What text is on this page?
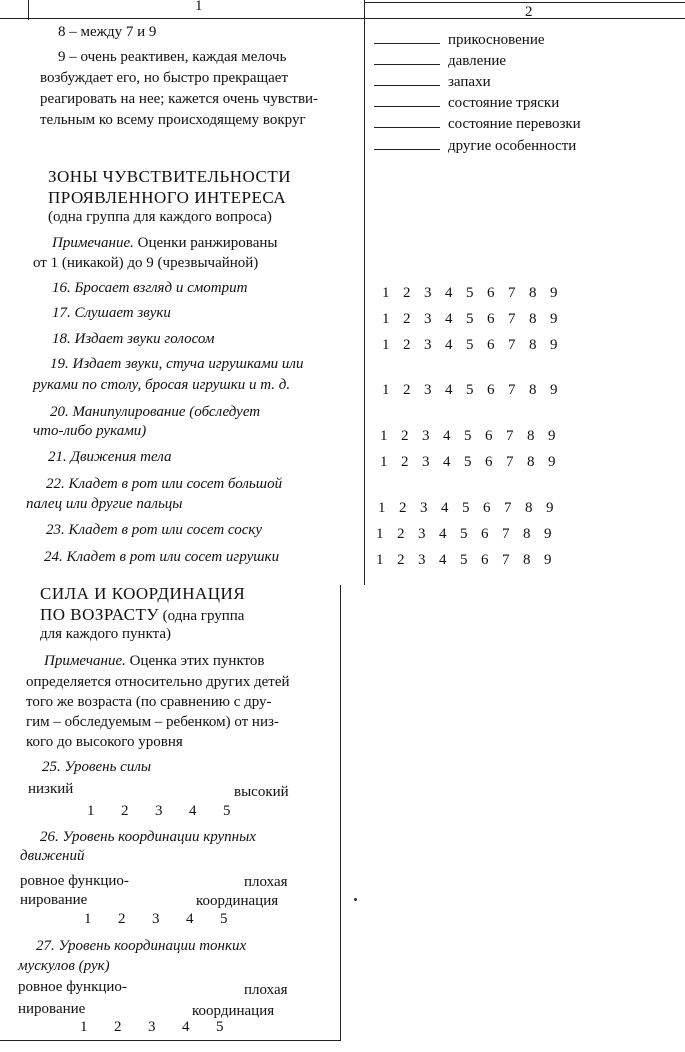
1	2
8 – между 7 и 9
9 – очень реактивен, каждая мелочь
возбуждает его, но быстро прекращает
реагировать на нее; кажется очень чувстви-
тельным ко всему происходящему вокруг
прикосновение
давление
запахи
состояние тряски
состояние перевозки
другие особенности
ЗОНЫ ЧУВСТВИТЕЛЬНОСТИ
ПРОЯВЛЕННОГО ИНТЕРЕСА
(одна группа для каждого вопроса)
Примечание. Оценки ранжированы
от 1 (никакой) до 9 (чрезвычайной)
16. Бросает взгляд и смотрит
17. Слушает звуки
18. Издает звуки голосом
19. Издает звуки, стуча игрушками или
руками по столу, бросая игрушки и т. д.
20. Манипулирование (обследует
что-либо руками)
21. Движения тела
22. Кладет в рот или сосет большой
палец или другие пальцы
23. Кладет в рот или сосет соску
24. Кладет в рот или сосет игрушки
1 2 3 4 5 6 7 8 9
1 2 3 4 5 6 7 8 9
1 2 3 4 5 6 7 8 9
1 2 3 4 5 6 7 8 9
1 2 3 4 5 6 7 8 9
1 2 3 4 5 6 7 8 9
1 2 3 4 5 6 7 8 9
1 2 3 4 5 6 7 8 9
1 2 3 4 5 6 7 8 9
СИЛА И КООРДИНАЦИЯ
ПО ВОЗРАСТУ (одна группа
для каждого пункта)
Примечание. Оценка этих пунктов
определяется относительно других детей
того же возраста (по сравнению с дру-
гим – обследуемым – ребенком) от низ-
кого до высокого уровня
25. Уровень силы
низкий	высокий
1 2 3 4 5
26. Уровень координации крупных
движений
ровное функцио-
нирование
плохая
координация
1 2 3 4 5
27. Уровень координации тонких
мускулов (рук)
ровное функцио-
нирование
плохая
координация
1 2 3 4 5
